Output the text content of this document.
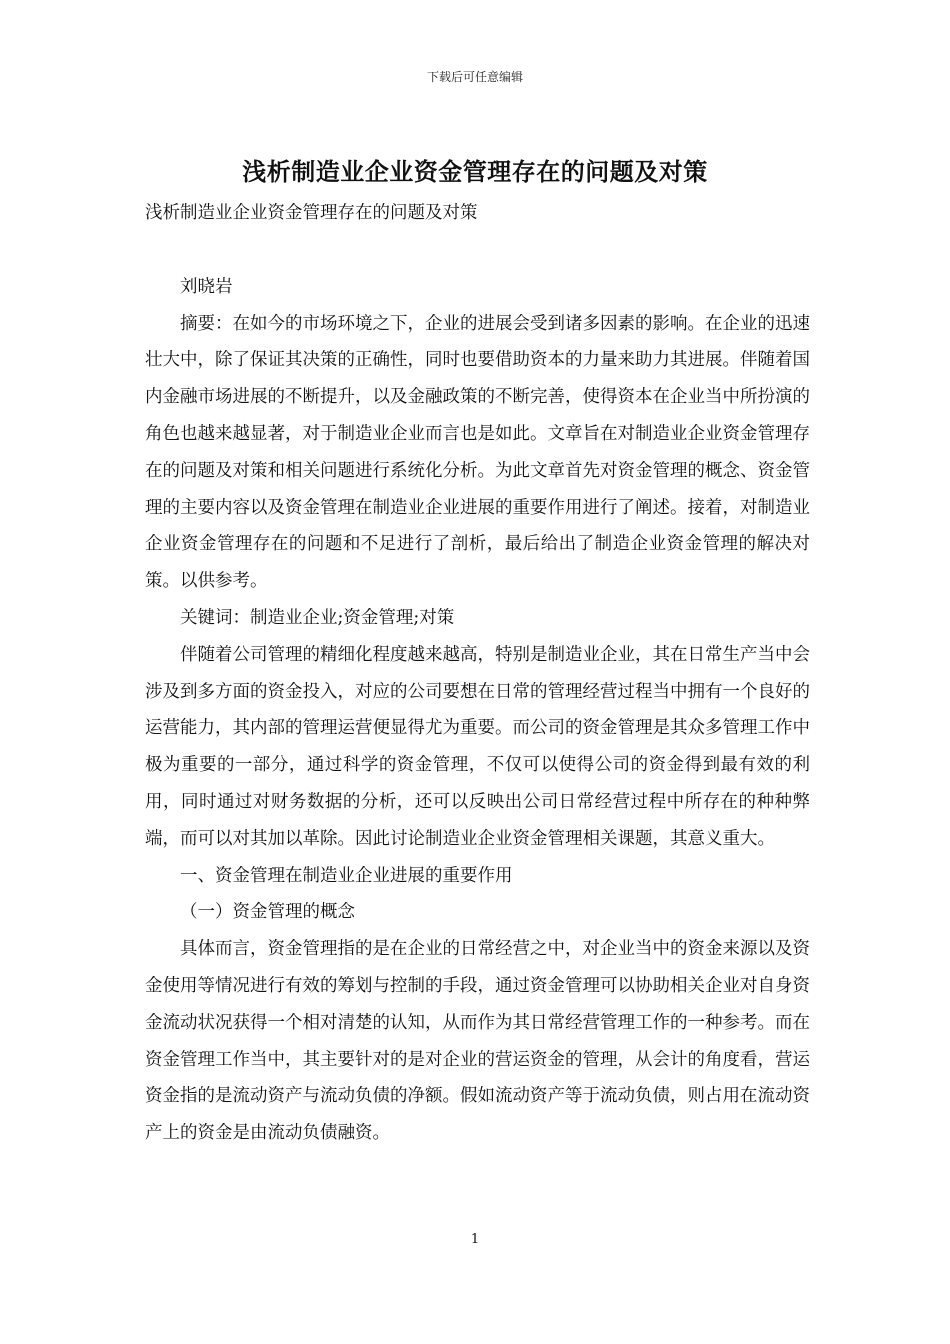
下载后可任意编辑
浅析制造业企业资金管理存在的问题及对策

浅析制造业企业资金管理存在的问题及对策

刘晓岩

摘要：在如今的市场环境之下，企业的进展会受到诸多因素的影响。在企业的迅速壮大中，除了保证其决策的正确性，同时也要借助资本的力量来助力其进展。伴随着国内金融市场进展的不断提升，以及金融政策的不断完善，使得资本在企业当中所扮演的角色也越来越显著，对于制造业企业而言也是如此。文章旨在对制造业企业资金管理存在的问题及对策和相关问题进行系统化分析。为此文章首先对资金管理的概念、资金管理的主要内容以及资金管理在制造业企业进展的重要作用进行了阐述。接着，对制造业企业资金管理存在的问题和不足进行了剖析，最后给出了制造企业资金管理的解决对策。以供参考。

关键词：制造业企业;资金管理;对策

伴随着公司管理的精细化程度越来越高，特别是制造业企业，其在日常生产当中会涉及到多方面的资金投入，对应的公司要想在日常的管理经营过程当中拥有一个良好的运营能力，其内部的管理运营便显得尤为重要。而公司的资金管理是其众多管理工作中极为重要的一部分，通过科学的资金管理，不仅可以使得公司的资金得到最有效的利用，同时通过对财务数据的分析，还可以反映出公司日常经营过程中所存在的种种弊端，而可以对其加以革除。因此讨论制造业企业资金管理相关课题，其意义重大。

一、资金管理在制造业企业进展的重要作用

（一）资金管理的概念

具体而言，资金管理指的是在企业的日常经营之中，对企业当中的资金来源以及资金使用等情况进行有效的筹划与控制的手段，通过资金管理可以协助相关企业对自身资金流动状况获得一个相对清楚的认知，从而作为其日常经营管理工作的一种参考。而在资金管理工作当中，其主要针对的是对企业的营运资金的管理，从会计的角度看，营运资金指的是流动资产与流动负债的净额。假如流动资产等于流动负债，则占用在流动资产上的资金是由流动负债融资。

1
